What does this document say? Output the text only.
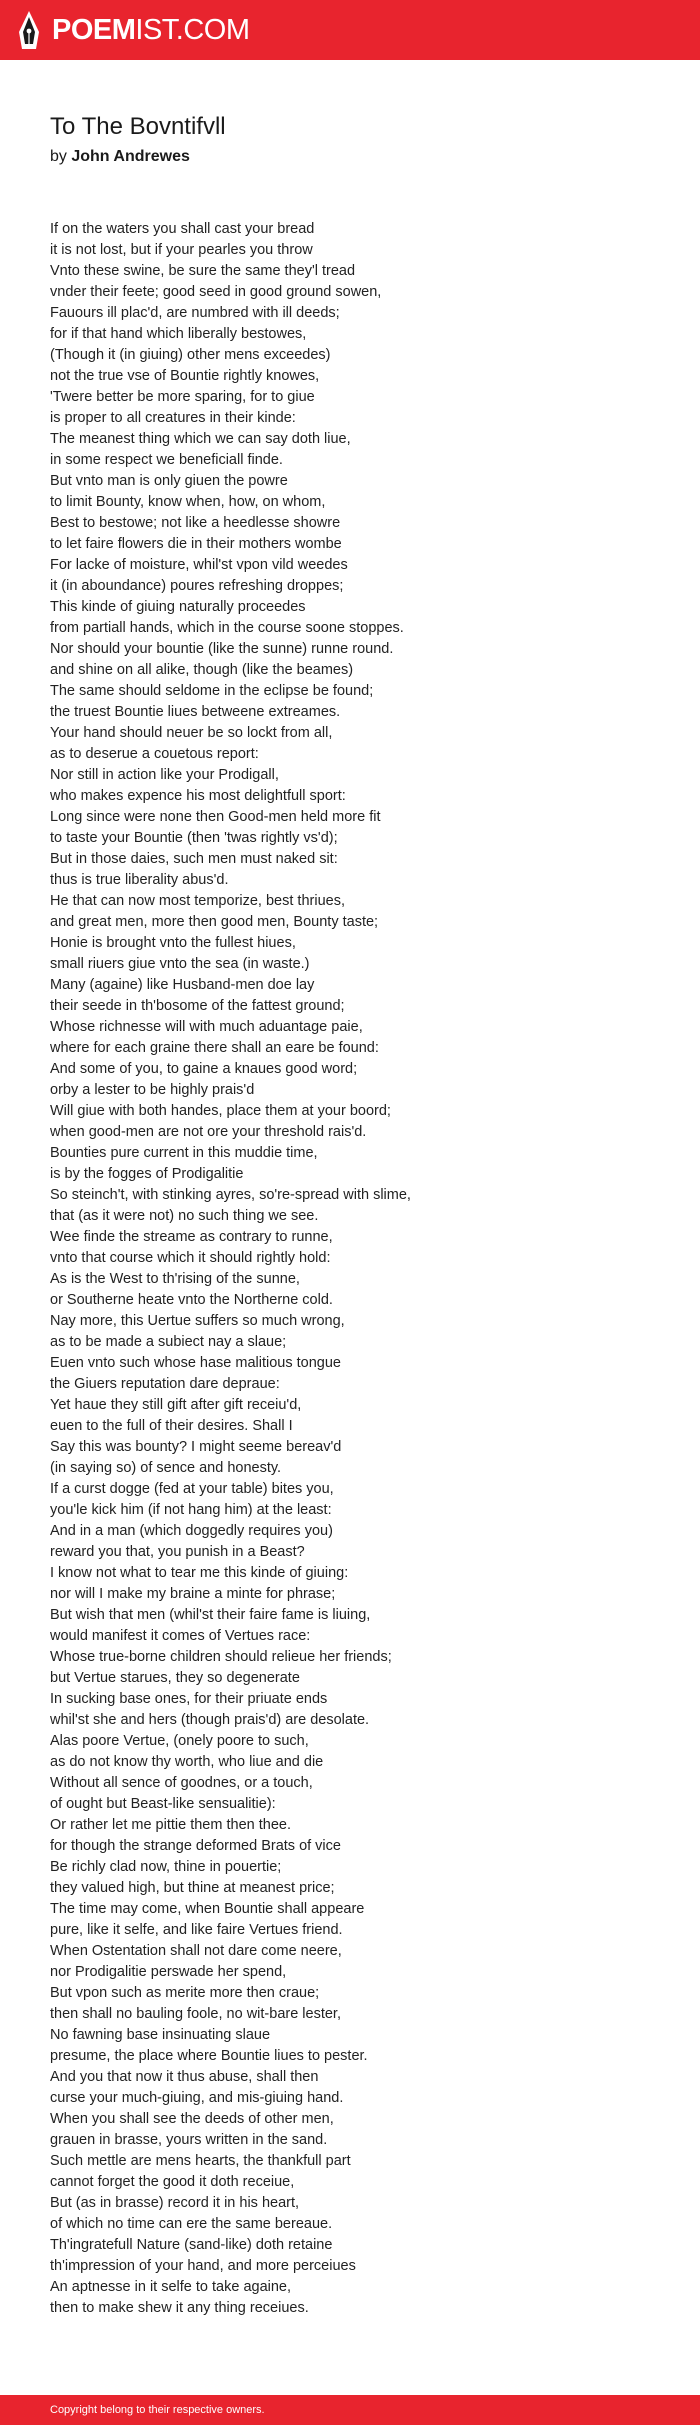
POEMIST.COM
To The Bovntifvll
by John Andrewes
If on the waters you shall cast your bread
it is not lost, but if your pearles you throw
Vnto these swine, be sure the same they'l tread
vnder their feete; good seed in good ground sowen,
Fauours ill plac'd, are numbred with ill deeds;
for if that hand which liberally bestowes,
(Though it (in giuing) other mens exceedes)
not the true vse of Bountie rightly knowes,
'Twere better be more sparing, for to giue
is proper to all creatures in their kinde:
The meanest thing which we can say doth liue,
in some respect we beneficiall finde.
But vnto man is only giuen the powre
to limit Bounty, know when, how, on whom,
Best to bestowe; not like a heedlesse showre
to let faire flowers die in their mothers wombe
For lacke of moisture, whil'st vpon vild weedes
it (in aboundance) poures refreshing droppes;
This kinde of giuing naturally proceedes
from partiall hands, which in the course soone stoppes.
Nor should your bountie (like the sunne) runne round.
and shine on all alike, though (like the beames)
The same should seldome in the eclipse be found;
the truest Bountie liues betweene extreames.
Your hand should neuer be so lockt from all,
as to deserue a couetous report:
Nor still in action like your Prodigall,
who makes expence his most delightfull sport:
Long since were none then Good-men held more fit
to taste your Bountie (then 'twas rightly vs'd);
But in those daies, such men must naked sit:
thus is true liberality abus'd.
He that can now most temporize, best thriues,
and great men, more then good men, Bounty taste;
Honie is brought vnto the fullest hiues,
small riuers giue vnto the sea (in waste.)
Many (againe) like Husband-men doe lay
their seede in th'bosome of the fattest ground;
Whose richnesse will with much aduantage paie,
where for each graine there shall an eare be found:
And some of you, to gaine a knaues good word;
orby a lester to be highly prais'd
Will giue with both handes, place them at your boord;
when good-men are not ore your threshold rais'd.
Bounties pure current in this muddie time,
is by the fogges of Prodigalitie
So steinch't, with stinking ayres, so're-spread with slime,
that (as it were not) no such thing we see.
Wee finde the streame as contrary to runne,
vnto that course which it should rightly hold:
As is the West to th'rising of the sunne,
or Southerne heate vnto the Northerne cold.
Nay more, this Uertue suffers so much wrong,
as to be made a subiect nay a slaue;
Euen vnto such whose hase malitious tongue
the Giuers reputation dare depraue:
Yet haue they still gift after gift receiu'd,
euen to the full of their desires. Shall I
Say this was bounty? I might seeme bereav'd
(in saying so) of sence and honesty.
If a curst dogge (fed at your table) bites you,
you'le kick him (if not hang him) at the least:
And in a man (which doggedly requires you)
reward you that, you punish in a Beast?
I know not what to tear me this kinde of giuing:
nor will I make my braine a minte for phrase;
But wish that men (whil'st their faire fame is liuing,
would manifest it comes of Vertues race:
Whose true-borne children should relieue her friends;
but Vertue starues, they so degenerate
In sucking base ones, for their priuate ends
whil'st she and hers (though prais'd) are desolate.
Alas poore Vertue, (onely poore to such,
as do not know thy worth, who liue and die
Without all sence of goodnes, or a touch,
of ought but Beast-like sensualitie):
Or rather let me pittie them then thee.
for though the strange deformed Brats of vice
Be richly clad now, thine in pouertie;
they valued high, but thine at meanest price;
The time may come, when Bountie shall appeare
pure, like it selfe, and like faire Vertues friend.
When Ostentation shall not dare come neere,
nor Prodigalitie perswade her spend,
But vpon such as merite more then craue;
then shall no bauling foole, no wit-bare lester,
No fawning base insinuating slaue
presume, the place where Bountie liues to pester.
And you that now it thus abuse, shall then
curse your much-giuing, and mis-giuing hand.
When you shall see the deeds of other men,
grauen in brasse, yours written in the sand.
Such mettle are mens hearts, the thankfull part
cannot forget the good it doth receiue,
But (as in brasse) record it in his heart,
of which no time can ere the same bereaue.
Th'ingratefull Nature (sand-like) doth retaine
th'impression of your hand, and more perceiues
An aptnesse in it selfe to take againe,
then to make shew it any thing receiues.
Copyright belong to their respective owners.
